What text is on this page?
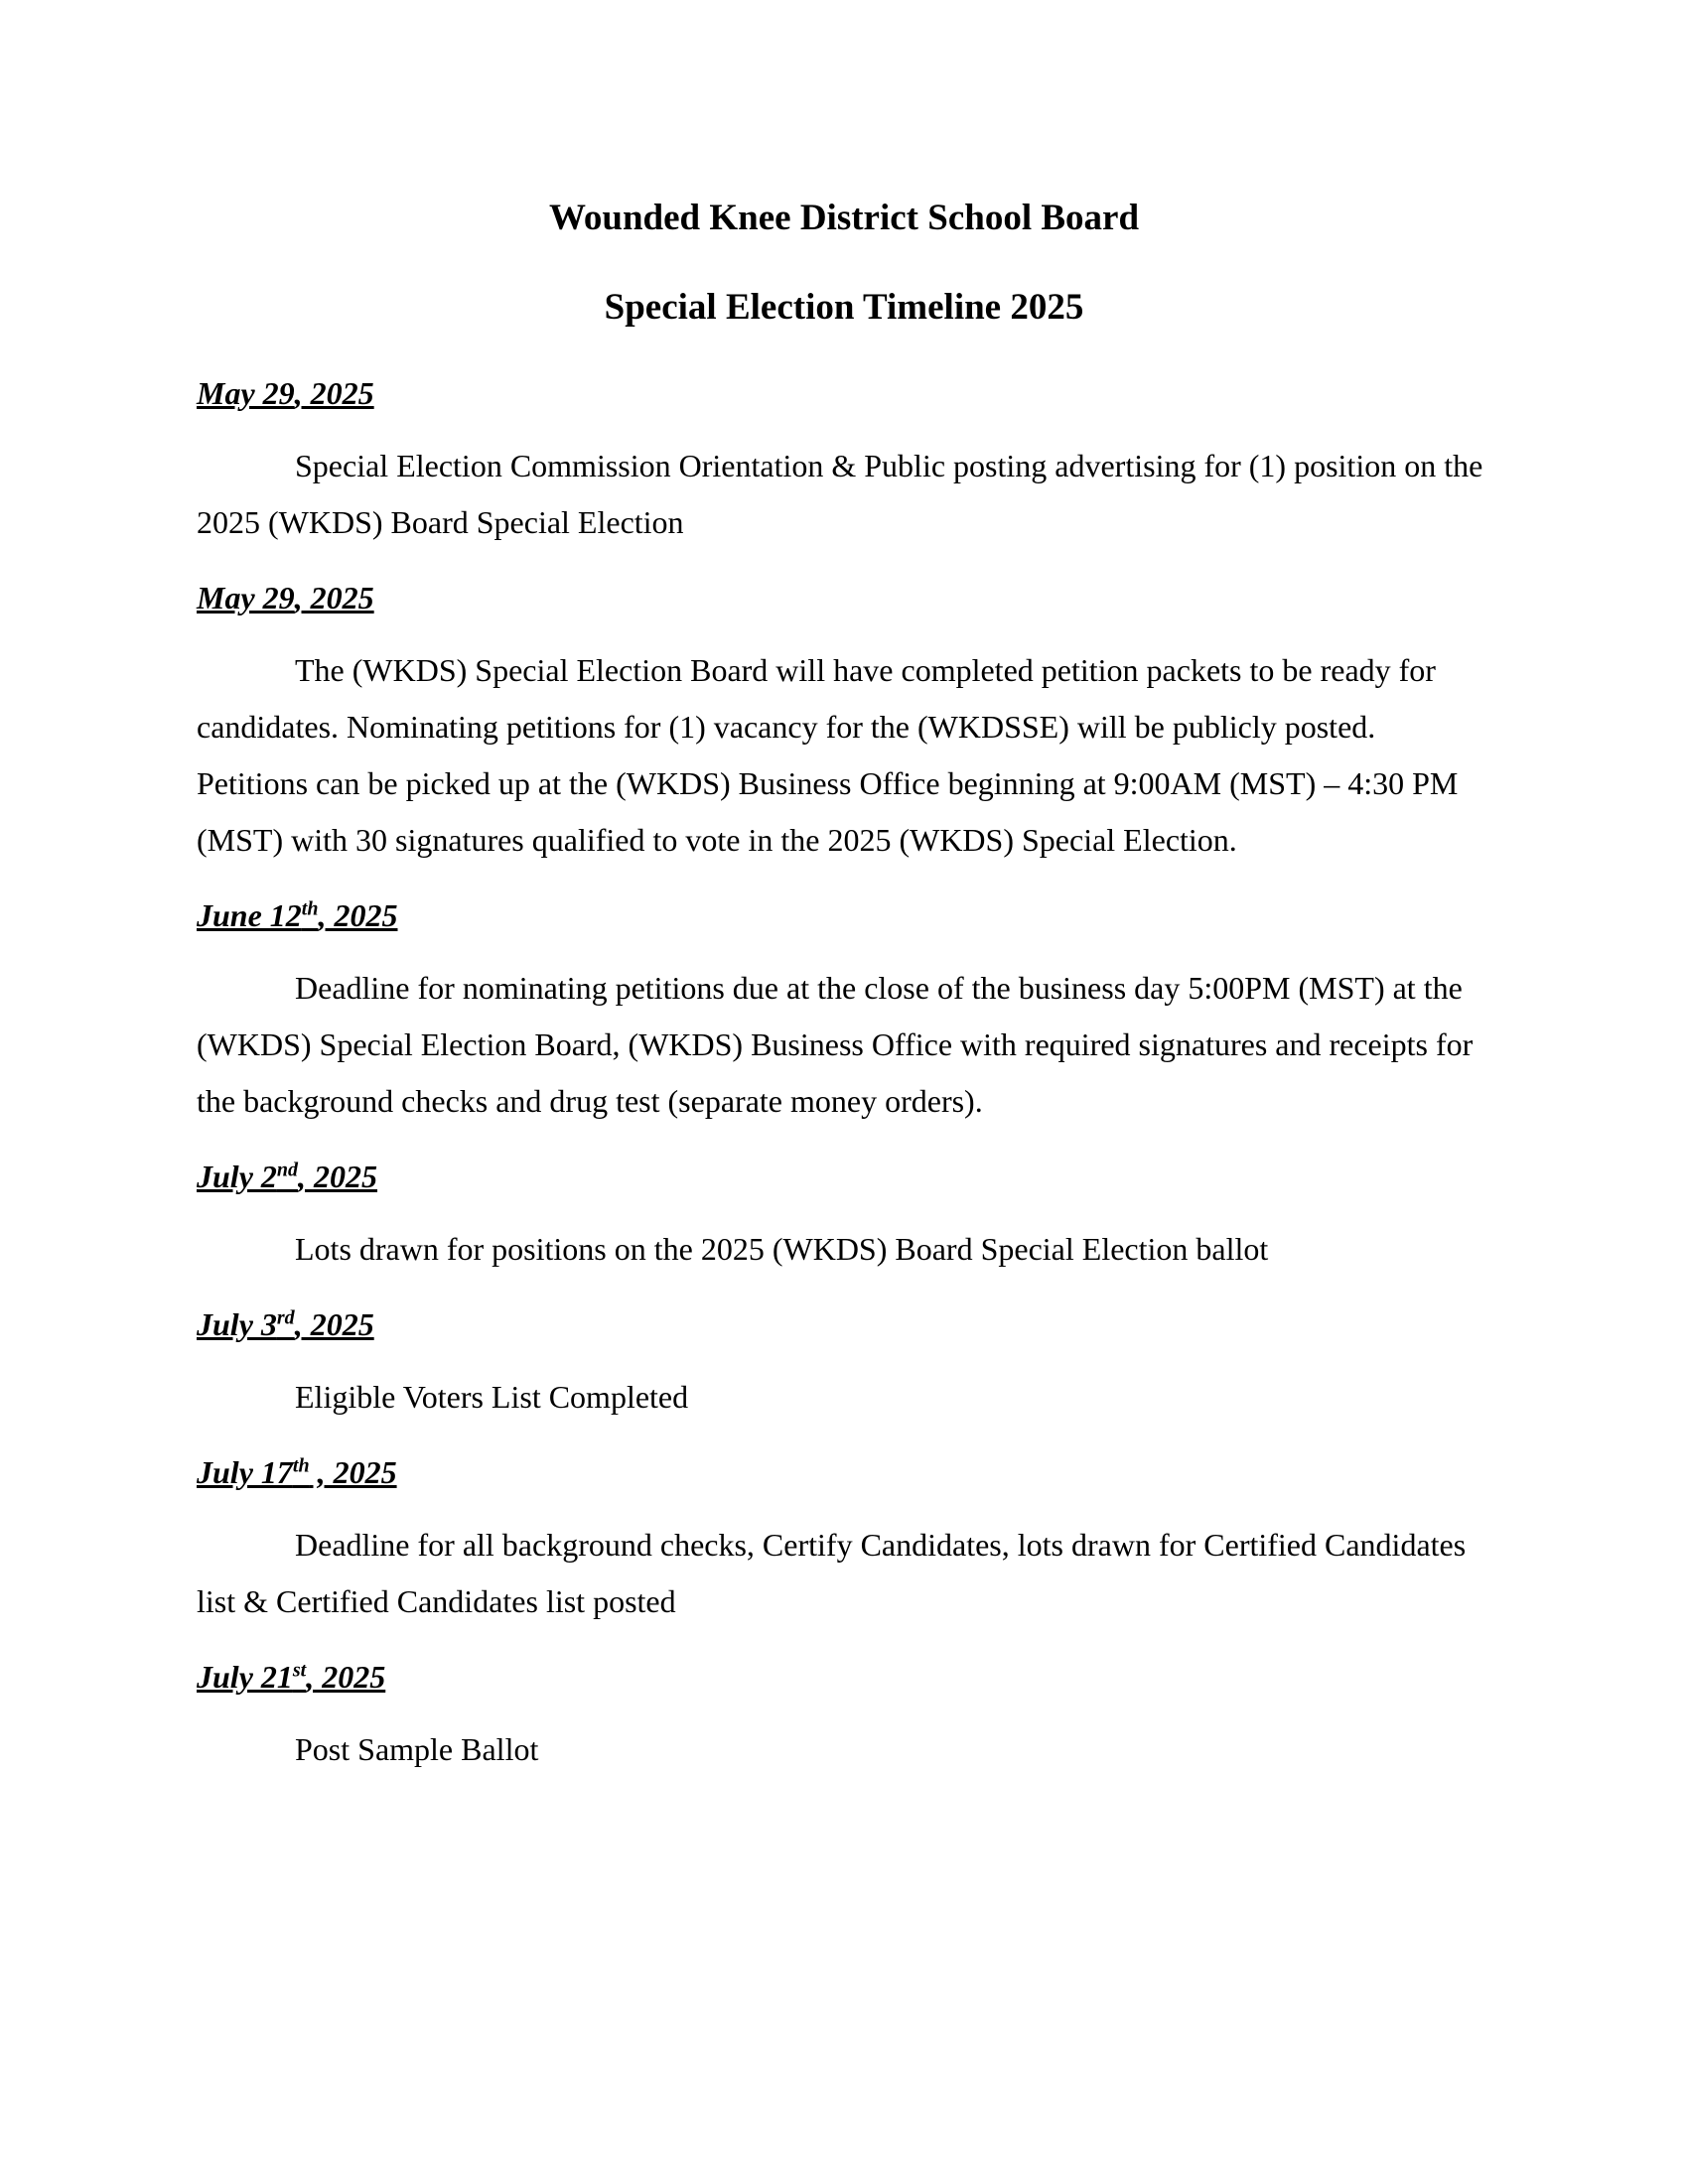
Wounded Knee District School Board
Special Election Timeline 2025
May 29, 2025

Special Election Commission Orientation & Public posting advertising for (1) position on the 2025 (WKDS) Board Special Election

May 29, 2025

The (WKDS) Special Election Board will have completed petition packets to be ready for candidates. Nominating petitions for (1) vacancy for the (WKDSSE) will be publicly posted. Petitions can be picked up at the (WKDS) Business Office beginning at 9:00AM (MST) – 4:30 PM (MST) with 30 signatures qualified to vote in the 2025 (WKDS) Special Election.

June 12th, 2025

Deadline for nominating petitions due at the close of the business day 5:00PM (MST) at the (WKDS) Special Election Board, (WKDS) Business Office with required signatures and receipts for the background checks and drug test (separate money orders).

July 2nd, 2025

Lots drawn for positions on the 2025 (WKDS) Board Special Election ballot

July 3rd, 2025

Eligible Voters List Completed

July 17th , 2025

Deadline for all background checks, Certify Candidates, lots drawn for Certified Candidates list & Certified Candidates list posted

July 21st, 2025

Post Sample Ballot
